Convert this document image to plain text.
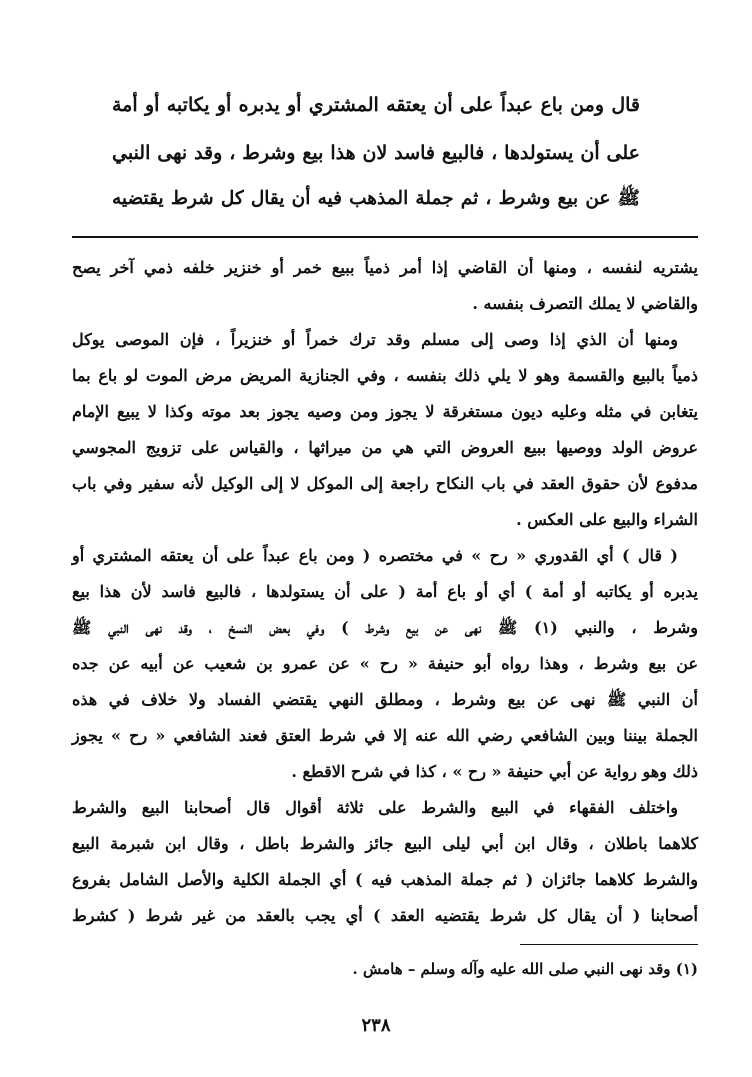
قال ومن باع عبداً على أن يعتقه المشتري أو يدبره أو يكاتبه أو أمة
على أن يستولدها ، فالبيع فاسد لان هذا بيع وشرط ، وقد نهى النبي
ﷺ عن بيع وشرط ، ثم جملة المذهب فيه أن يقال كل شرط يقتضيه
يشتريه لنفسه ، ومنها أن القاضي إذا أمر ذمياً ببيع خمر أو خنزير خلفه ذمي آخر يصح
والقاضي لا يملك التصرف بنفسه .
ومنها أن الذي إذا وصى إلى مسلم وقد ترك خمراً أو خنزيراً ، فإن الموصى يوكل
ذمياً بالبيع والقسمة وهو لا يلي ذلك بنفسه ، وفي الجنازية المريض مرض الموت لو باع بما
يتغابن في مثله وعليه ديون مستغرقة لا يجوز ومن وصيه يجوز بعد موته وكذا لا يبيع الإمام
عروض الولد ووصيها ببيع العروض التي هي من ميراثها ، والقياس على تزويج المجوسي
مدفوع لأن حقوق العقد في باب النكاح راجعة إلى الموكل لا إلى الوكيل لأنه سفير وفي باب
الشراء والبيع على العكس .
( قال ) أي القدوري « رح » في مختصره ( ومن باع عبداً على أن يعتقه المشتري أو
يدبره أو يكاتبه أو أمة ) أي أو باع أمة ( على أن يستولدها ، فالبيع فاسد لأن هذا بيع
وشرط ، والنبي (١) ﷺ نهى عن بيع وشرط ) وفي بعض النسخ ، وقد نهى النبي ﷺ
عن بيع وشرط ، وهذا رواه أبو حنيفة « رح » عن عمرو بن شعيب عن أبيه عن جده
أن النبي ﷺ نهى عن بيع وشرط ، ومطلق النهي يقتضي الفساد ولا خلاف في هذه
الجملة بيننا وبين الشافعي رضي الله عنه إلا في شرط العتق فعند الشافعي « رح » يجوز
ذلك وهو رواية عن أبي حنيفة « رح » ، كذا في شرح الاقطع .
واختلف الفقهاء في البيع والشرط على ثلاثة أقوال قال أصحابنا البيع والشرط
كلاهما باطلان ، وقال ابن أبي ليلى البيع جائز والشرط باطل ، وقال ابن شبرمة البيع
والشرط كلاهما جائزان ( ثم جملة المذهب فيه ) أي الجملة الكلية والأصل الشامل بفروع
أصحابنا ( أن يقال كل شرط يقتضيه العقد ) أي يجب بالعقد من غير شرط ( كشرط
(١) وقد نهى النبي صلى الله عليه وآله وسلم – هامش .
٢٣٨
